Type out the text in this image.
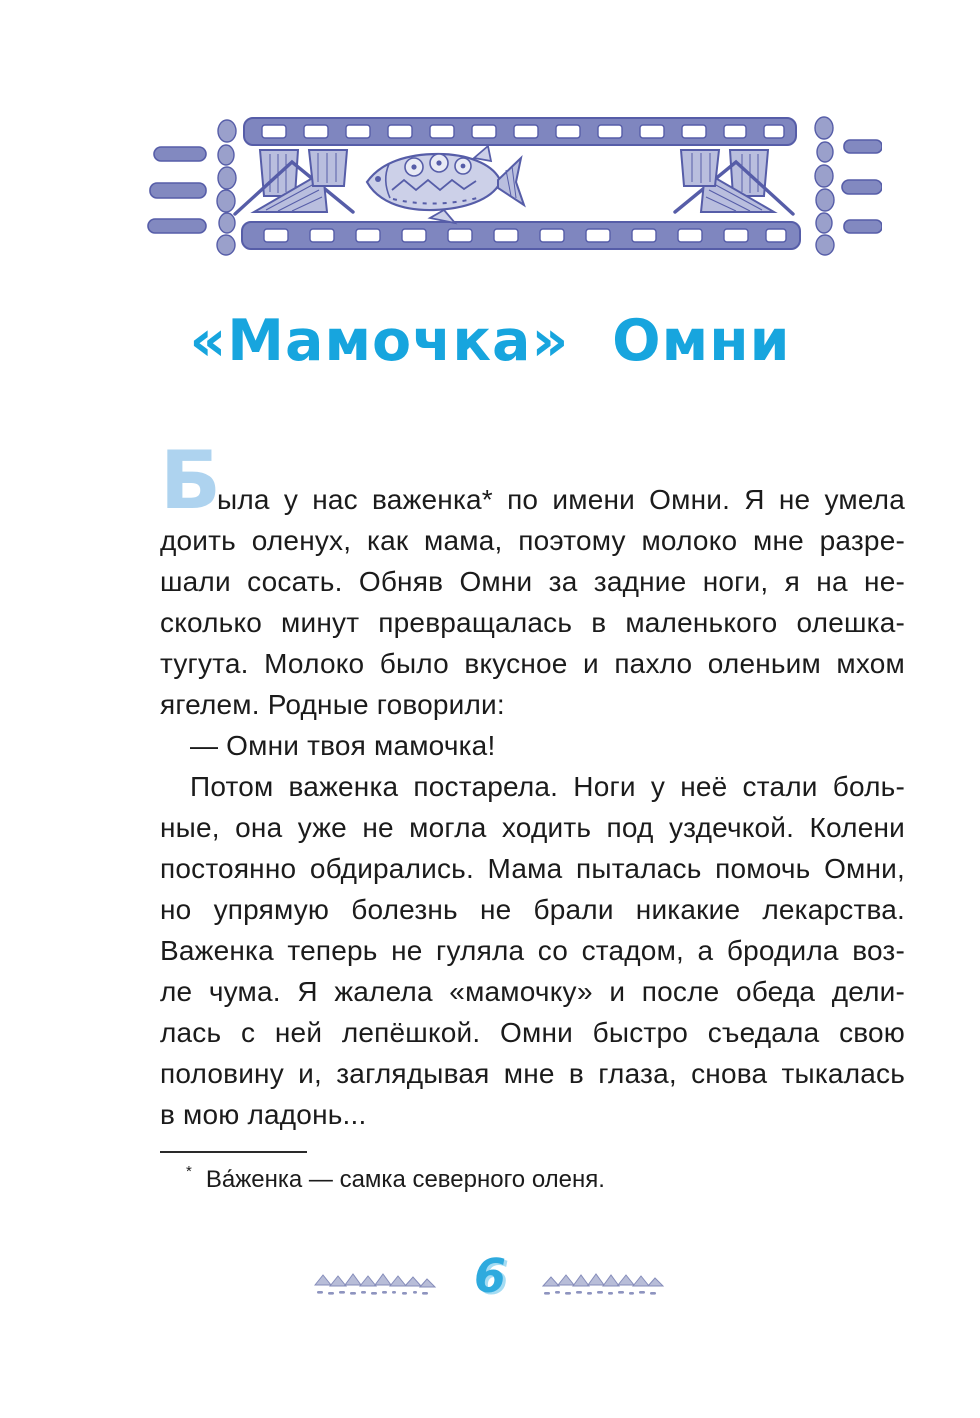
«Мамочка» Омни
Б
ыла у нас важенка* по имени Омни. Я не умела
доить оленух, как мама, поэтому молоко мне разре-
шали сосать. Обняв Омни за задние ноги, я на не-
сколько минут превращалась в маленького олешка-
тугута. Молоко было вкусное и пахло оленьим мхом
ягелем. Родные говорили:
— Омни твоя мамочка!
Потом важенка постарела. Ноги у неё стали боль-
ные, она уже не могла ходить под уздечкой. Колени
постоянно обдирались. Мама пыталась помочь Омни,
но упрямую болезнь не брали никакие лекарства.
Важенка теперь не гуляла со стадом, а бродила воз-
ле чума. Я жалела «мамочку» и после обеда дели-
лась с ней лепёшкой. Омни быстро съедала свою
половину и, заглядывая мне в глаза, снова тыкалась
в мою ладонь...
* Ва́женка — самка северного оленя.
6
